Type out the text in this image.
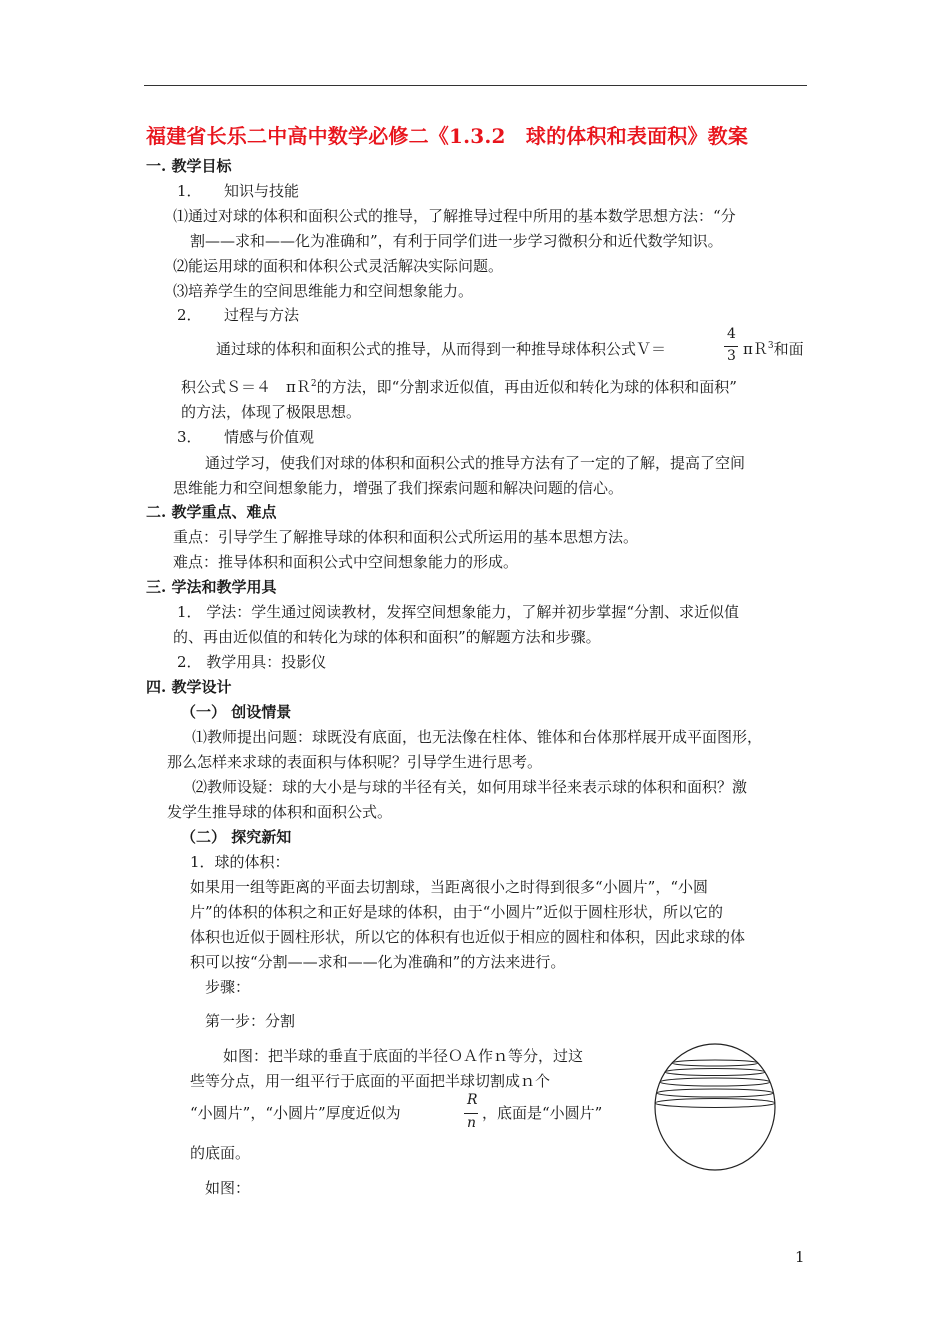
福建省长乐二中高中数学必修二《1.3.2　球的体积和表面积》教案
一. 教学目标
1．　　知识与技能
⑴通过对球的体积和面积公式的推导，了解推导过程中所用的基本数学思想方法：“分
割——求和——化为准确和”，有利于同学们进一步学习微积分和近代数学知识。
⑵能运用球的面积和体积公式灵活解决实际问题。
⑶培养学生的空间思维能力和空间想象能力。
2．　　过程与方法
通过球的体积和面积公式的推导，从而得到一种推导球体积公式Ｖ＝
4
3 πＲ$^3$和面
积公式Ｓ＝４　πＲ$^2$的方法，即“分割求近似值，再由近似和转化为球的体积和面积”
的方法，体现了极限思想。
3．　　情感与价值观
通过学习，使我们对球的体积和面积公式的推导方法有了一定的了解，提高了空间
思维能力和空间想象能力，增强了我们探索问题和解决问题的信心。
二. 教学重点、难点
重点：引导学生了解推导球的体积和面积公式所运用的基本思想方法。
难点：推导体积和面积公式中空间想象能力的形成。
三. 学法和教学用具
1． 学法：学生通过阅读教材，发挥空间想象能力，了解并初步掌握“分割、求近似值
的、再由近似值的和转化为球的体积和面积”的解题方法和步骤。
2． 教学用具：投影仪
四. 教学设计
（一） 创设情景
⑴教师提出问题：球既没有底面，也无法像在柱体、锥体和台体那样展开成平面图形，
那么怎样来求球的表面积与体积呢？引导学生进行思考。
⑵教师设疑：球的大小是与球的半径有关，如何用球半径来表示球的体积和面积？激
发学生推导球的体积和面积公式。
（二） 探究新知
1．球的体积：
如果用一组等距离的平面去切割球，当距离很小之时得到很多“小圆片”，“小圆
片”的体积的体积之和正好是球的体积，由于“小圆片”近似于圆柱形状，所以它的
体积也近似于圆柱形状，所以它的体积有也近似于相应的圆柱和体积，因此求球的体
积可以按“分割——求和——化为准确和”的方法来进行。
步骤：
第一步：分割
如图：把半球的垂直于底面的半径ＯＡ作ｎ等分，过这
些等分点，用一组平行于底面的平面把半球切割成ｎ个
“小圆片”，“小圆片”厚度近似为
R
n
，底面是“小圆片”
的底面。
如图：
1
